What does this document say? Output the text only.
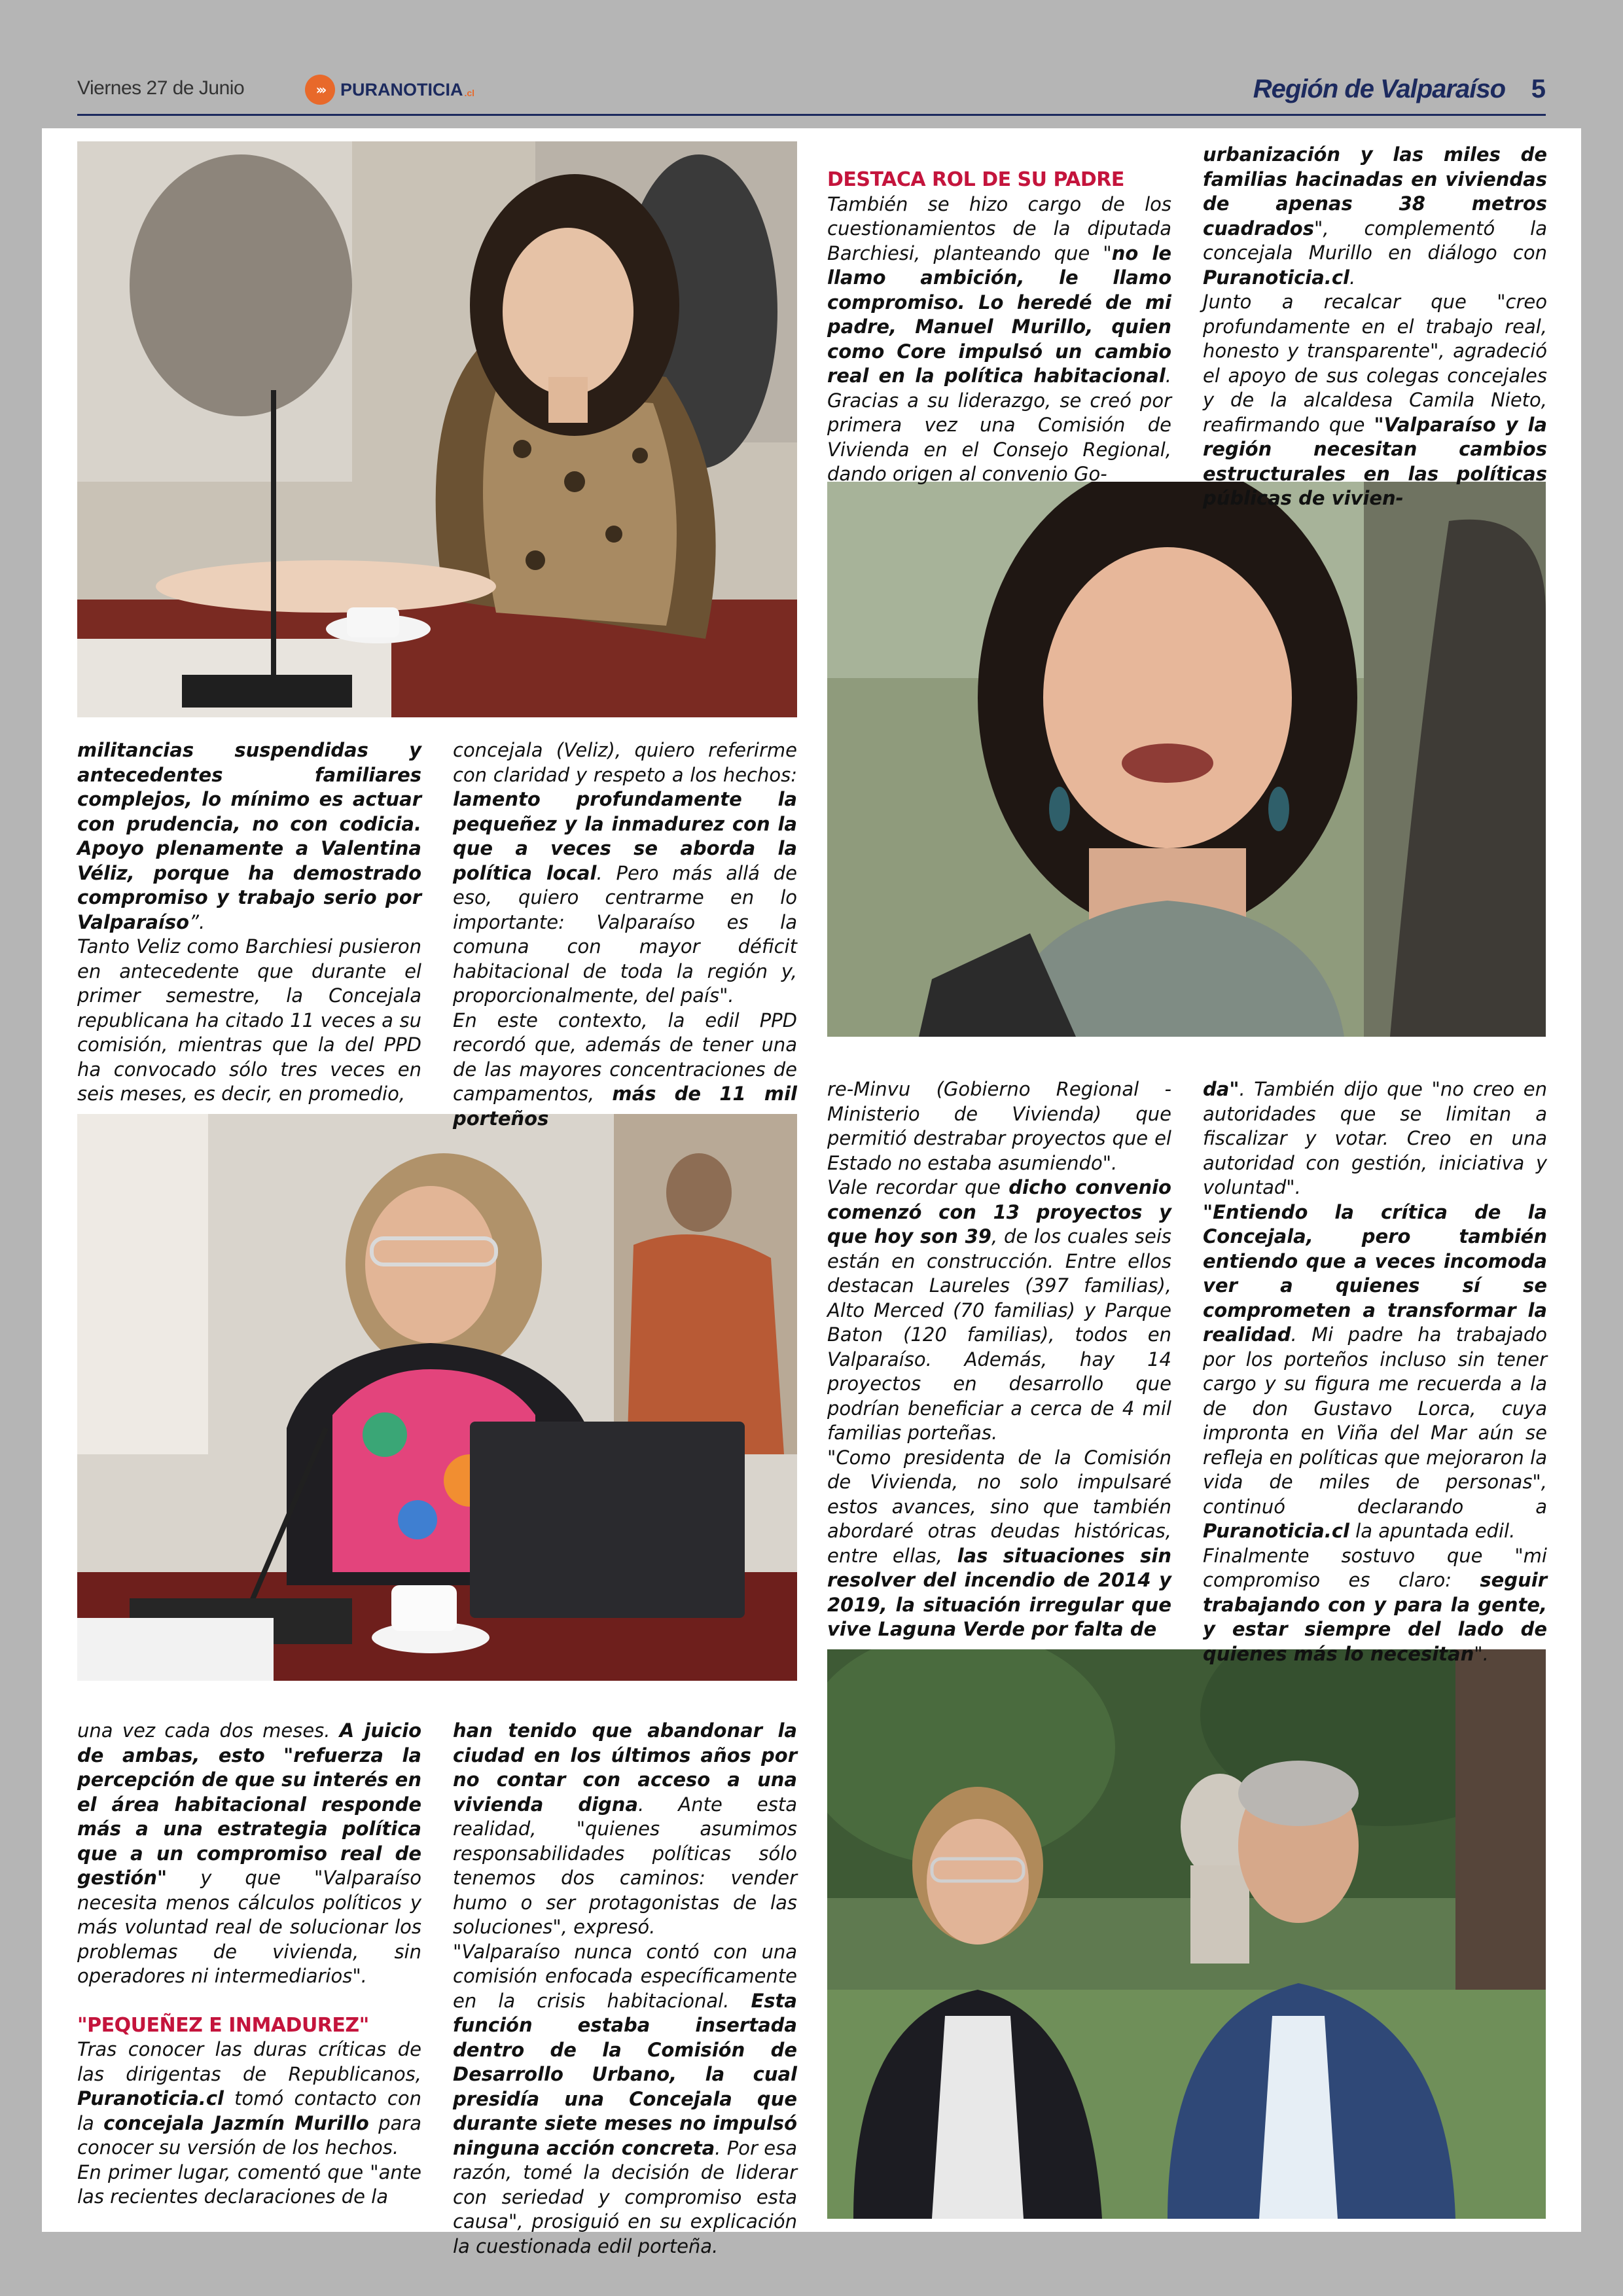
Viernes 27 de Junio	››› PURANOTICIA .cl	Región de Valparaíso 5

militancias suspendidas y antecedentes familiares complejos, lo mínimo es actuar con prudencia, no con codicia. Apoyo plenamente a Valentina Véliz, porque ha demostrado compromiso y trabajo serio por Valparaíso”.

Tanto Veliz como Barchiesi pusieron en antecedente que durante el primer semestre, la Concejala republicana ha citado 11 veces a su comisión, mientras que la del PPD ha convocado sólo tres veces en seis meses, es decir, en promedio,

concejala (Veliz), quiero referirme con claridad y respeto a los hechos: lamento profundamente la pequeñez y la inmadurez con la que a veces se aborda la política local. Pero más allá de eso, quiero centrarme en lo importante: Valparaíso es la comuna con mayor déficit habitacional de toda la región y, proporcionalmente, del país".

En este contexto, la edil PPD recordó que, además de tener una de las mayores concentraciones de campamentos, más de 11 mil porteños

una vez cada dos meses. A juicio de ambas, esto "refuerza la percepción de que su interés en el área habitacional responde más a una estrategia política que a un compromiso real de gestión" y que "Valparaíso necesita menos cálculos políticos y más voluntad real de solucionar los problemas de vivienda, sin operadores ni intermediarios".

"PEQUEÑEZ E INMADUREZ"

Tras conocer las duras críticas de las dirigentas de Republicanos, Puranoticia.cl tomó contacto con la concejala Jazmín Murillo para conocer su versión de los hechos.

En primer lugar, comentó que "ante las recientes declaraciones de la

han tenido que abandonar la ciudad en los últimos años por no contar con acceso a una vivienda digna. Ante esta realidad, "quienes asumimos responsabilidades políticas sólo tenemos dos caminos: vender humo o ser protagonistas de las soluciones", expresó.

"Valparaíso nunca contó con una comisión enfocada específicamente en la crisis habitacional. Esta función estaba insertada dentro de la Comisión de Desarrollo Urbano, la cual presidía una Concejala que durante siete meses no impulsó ninguna acción concreta. Por esa razón, tomé la decisión de liderar con seriedad y compromiso esta causa", prosiguió en su explicación la cuestionada edil porteña.

DESTACA ROL DE SU PADRE

También se hizo cargo de los cuestionamientos de la diputada Barchiesi, planteando que "no le llamo ambición, le llamo compromiso. Lo heredé de mi padre, Manuel Murillo, quien como Core impulsó un cambio real en la política habitacional. Gracias a su liderazgo, se creó por primera vez una Comisión de Vivienda en el Consejo Regional, dando origen al convenio Go-

urbanización y las miles de familias hacinadas en viviendas de apenas 38 metros cuadrados", complementó la concejala Murillo en diálogo con Puranoticia.cl.

Junto a recalcar que "creo profundamente en el trabajo real, honesto y transparente", agradeció el apoyo de sus colegas concejales y de la alcaldesa Camila Nieto, reafirmando que "Valparaíso y la región necesitan cambios estructurales en las políticas públicas de vivien-

re-Minvu (Gobierno Regional - Ministerio de Vivienda) que permitió destrabar proyectos que el Estado no estaba asumiendo".

Vale recordar que dicho convenio comenzó con 13 proyectos y que hoy son 39, de los cuales seis están en construcción. Entre ellos destacan Laureles (397 familias), Alto Merced (70 familias) y Parque Baton (120 familias), todos en Valparaíso. Además, hay 14 proyectos en desarrollo que podrían beneficiar a cerca de 4 mil familias porteñas.

"Como presidenta de la Comisión de Vivienda, no solo impulsaré estos avances, sino que también abordaré otras deudas históricas, entre ellas, las situaciones sin resolver del incendio de 2014 y 2019, la situación irregular que vive Laguna Verde por falta de

da". También dijo que "no creo en autoridades que se limitan a fiscalizar y votar. Creo en una autoridad con gestión, iniciativa y voluntad".

"Entiendo la crítica de la Concejala, pero también entiendo que a veces incomoda ver a quienes sí se comprometen a transformar la realidad. Mi padre ha trabajado por los porteños incluso sin tener cargo y su figura me recuerda a la de don Gustavo Lorca, cuya impronta en Viña del Mar aún se refleja en políticas que mejoraron la vida de miles de personas", continuó declarando a Puranoticia.cl la apuntada edil.

Finalmente sostuvo que "mi compromiso es claro: seguir trabajando con y para la gente, y estar siempre del lado de quienes más lo necesitan".
